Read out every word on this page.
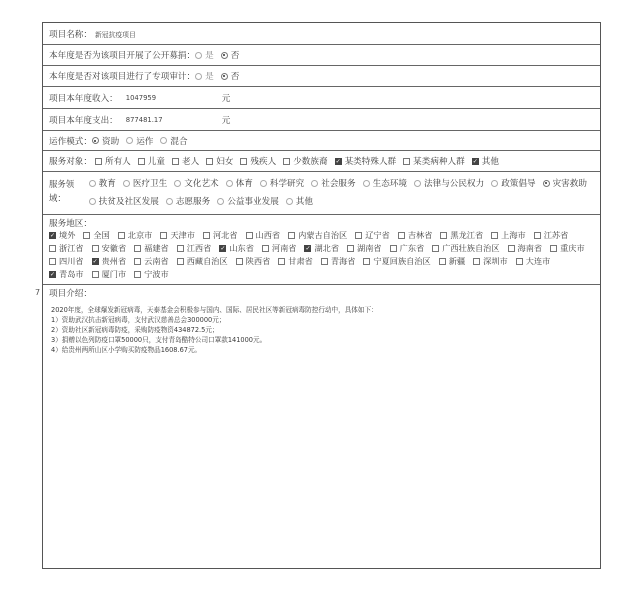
7
项目名称： 新冠抗疫项目
本年度是否为该项目开展了公开募捐： 是 否
本年度是否对该项目进行了专项审计： 是 否
项目本年度收入： 1047959	元
项目本年度支出： 877481.17	元
运作模式： 资助 运作 混合
服务对象： 所有人 儿童 老人 妇女 残疾人 少数族裔 ✓ 某类特殊人群 某类病种人群 ✓ 其他
服务领域：
教育 医疗卫生 文化艺术 体育 科学研究 社会服务 生态环境 法律与公民权力 政策倡导 灾害救助
扶贫及社区发展 志愿服务 公益事业发展 其他
服务地区：
✓ 境外 全国 北京市 天津市 河北省 山西省 内蒙古自治区 辽宁省 吉林省 黑龙江省 上海市 江苏省
浙江省 安徽省 福建省 江西省 ✓ 山东省 河南省 ✓ 湖北省 湖南省 广东省 广西壮族自治区 海南省 重庆市
四川省 ✓ 贵州省 云南省 西藏自治区 陕西省 甘肃省 青海省 宁夏回族自治区 新疆 深圳市 大连市
✓ 青岛市 厦门市 宁波市
项目介绍：
2020年度，全球爆发新冠病毒，天泰基金会积极参与国内、国际、居民社区等新冠病毒防控行动中，具体如下：
1）资助武汉抗击新冠病毒，支付武汉慈善总会300000元；
2）资助社区新冠病毒防疫，采购防疫物资434872.5元；
3）捐赠以色列防疫口罩50000只，支付青岛酷特公司口罩款141000元。
4）给贵州两所山区小学购买防疫物品1608.67元。
